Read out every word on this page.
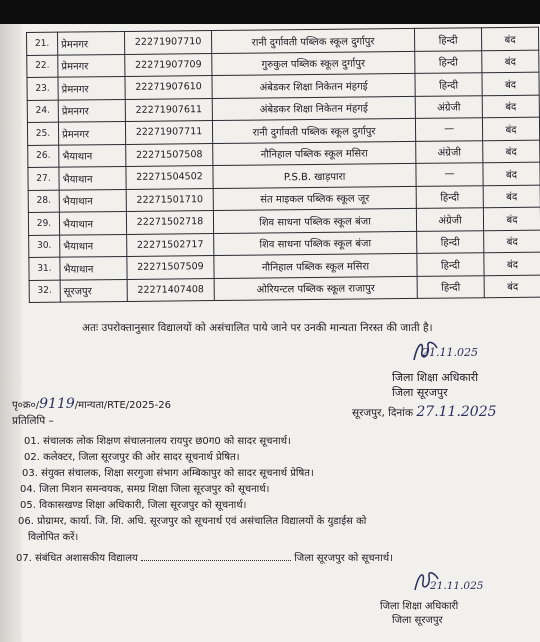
21.	प्रेमनगर	22271907710	रानी दुर्गावती पब्लिक स्कूल दुर्गापुर	हिन्दी	बंद
22.	प्रेमनगर	22271907709	गुरुकुल पब्लिक स्कूल दुर्गापुर	हिन्दी	बंद
23.	प्रेमनगर	22271907610	अंबेडकर शिक्षा निकेतन मंहगई	हिन्दी	बंद
24.	प्रेमनगर	22271907611	अंबेडकर शिक्षा निकेतन मंहगई	अंग्रेजी	बंद
25.	प्रेमनगर	22271907711	रानी दुर्गावती पब्लिक स्कूल दुर्गापुर	—	बंद
26.	भैयाथान	22271507508	नौनिहाल पब्लिक स्कूल मसिरा	अंग्रेजी	बंद
27.	भैयाथान	22271504502	P.S.B. खाड़पारा	—	बंद
28.	भैयाथान	22271501710	संत माइकल पब्लिक स्कूल जूर	हिन्दी	बंद
29.	भैयाथान	22271502718	शिव साधना पब्लिक स्कूल बंजा	अंग्रेजी	बंद
30.	भैयाथान	22271502717	शिव साधना पब्लिक स्कूल बंजा	हिन्दी	बंद
31.	भैयाथान	22271507509	नौनिहाल पब्लिक स्कूल मसिरा	हिन्दी	बंद
32.	सूरजपुर	22271407408	ओरियन्टल पब्लिक स्कूल राजापुर	हिन्दी	बंद
अतः उपरोक्तानुसार विद्यालयों को असंचालित पाये जाने पर उनकी मान्यता निरस्त की जाती है।
21.11.025
जिला शिक्षा अधिकारी
जिला सूरजपुर
सूरजपुर, दिनांक 27.11.2025
पृ०क्र०/9119/मान्यता/RTE/2025-26
प्रतिलिपि –
01. संचालक लोक शिक्षण संचालनालय रायपुर छ0ग0 को सादर सूचनार्थ।
02. कलेक्टर, जिला सूरजपुर की ओर सादर सूचनार्थ प्रेषित।
03. संयुक्त संचालक, शिक्षा सरगुजा संभाग अम्बिकापुर को सादर सूचनार्थ प्रेषित।
04. जिला मिशन समन्वयक, समग्र शिक्षा जिला सूरजपुर को सूचनार्थ।
05. विकासखण्ड शिक्षा अधिकारी, जिला सूरजपुर को सूचनार्थ।
06. प्रोग्रामर, कार्या. जि. शि. अधि. सूरजपुर को सूचनार्थ एवं असंचालित विद्यालयों के युडाईस को
विलोपित करें।
07. संबंधित अशासकीय विद्यालय	जिला सूरजपुर को सूचनार्थ।
21.11.025
जिला शिक्षा अधिकारी
जिला सूरजपुर
